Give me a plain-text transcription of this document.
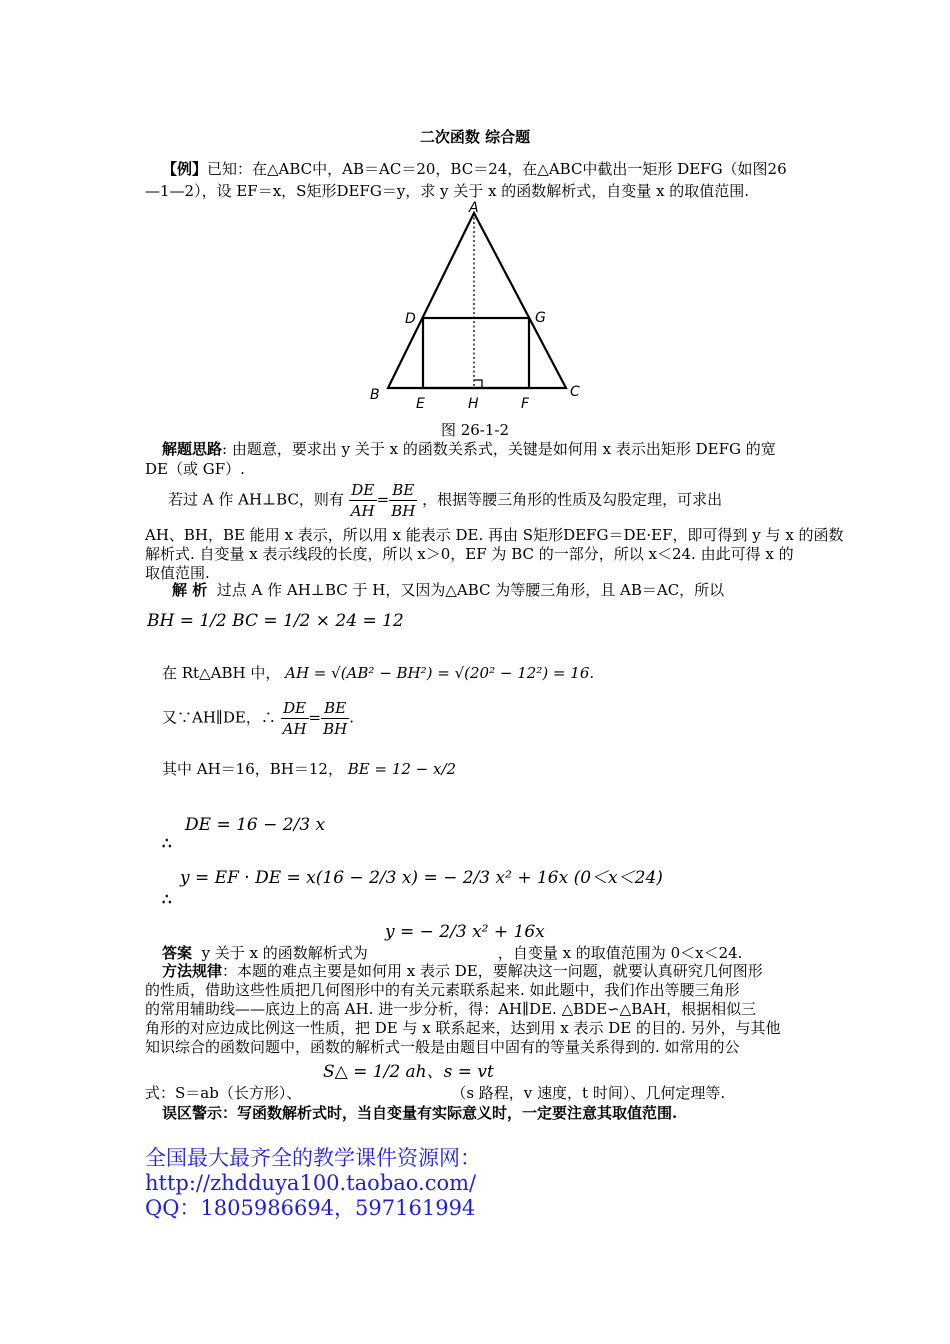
二次函数 综合题
【例】已知：在△ABC中，AB＝AC＝20，BC＝24，在△ABC中截出一矩形 DEFG（如图26
—1—2），设 EF＝x，S矩形DEFG＝y，求 y 关于 x 的函数解析式，自变量 x 的取值范围.
A
B	C
D	G
E	H	F
图 26-1-2
解题思路: 由题意，要求出 y 关于 x 的函数关系式，关键是如何用 x 表示出矩形 DEFG 的宽
DE（或 GF）.
若过 A 作 AH⊥BC，则有 $\frac{DE}{AH} = \frac{BE}{BH}$ ，根据等腰三角形的性质及勾股定理，可求出
AH、BH，BE 能用 x 表示，所以用 x 能表示 DE. 再由 S矩形DEFG＝DE·EF，即可得到 y 与 x 的函数
解析式. 自变量 x 表示线段的长度，所以 x＞0，EF 为 BC 的一部分，所以 x＜24. 由此可得 x 的
取值范围.
解 析 过点 A 作 AH⊥BC 于 H，又因为△ABC 为等腰三角形，且 AB＝AC，所以
BH = 1/2 BC = 1/2 × 24 = 12
在 Rt△ABH 中， AH = √(AB² − BH²) = √(20² − 12²) = 16.
又∵AH∥DE，∴ $\frac{DE}{AH} = \frac{BE}{BH}$ .
其中 AH＝16，BH＝12， BE = 12 − x/2
∴
DE = 16 − 2/3 x
∴
y = EF · DE = x(16 − 2/3 x) = − 2/3 x² + 16x (0＜x＜24)
y = − 2/3 x² + 16x
答案 y 关于 x 的函数解析式为	，自变量 x 的取值范围为 0＜x＜24.
方法规律：本题的难点主要是如何用 x 表示 DE，要解决这一问题，就要认真研究几何图形
的性质，借助这些性质把几何图形中的有关元素联系起来. 如此题中，我们作出等腰三角形
的常用辅助线——底边上的高 AH. 进一步分析，得：AH∥DE. △BDE∽△BAH，根据相似三
角形的对应边成比例这一性质，把 DE 与 x 联系起来，达到用 x 表示 DE 的目的. 另外，与其他
知识综合的函数问题中，函数的解析式一般是由题目中固有的等量关系得到的. 如常用的公
S△ = 1/2 ah、s = vt
式：S＝ab（长方形）、	（s 路程，v 速度，t 时间）、几何定理等.
误区警示：写函数解析式时，当自变量有实际意义时，一定要注意其取值范围.
全国最大最齐全的教学课件资源网：
http://zhdduya100.taobao.com/
QQ：1805986694，597161994
